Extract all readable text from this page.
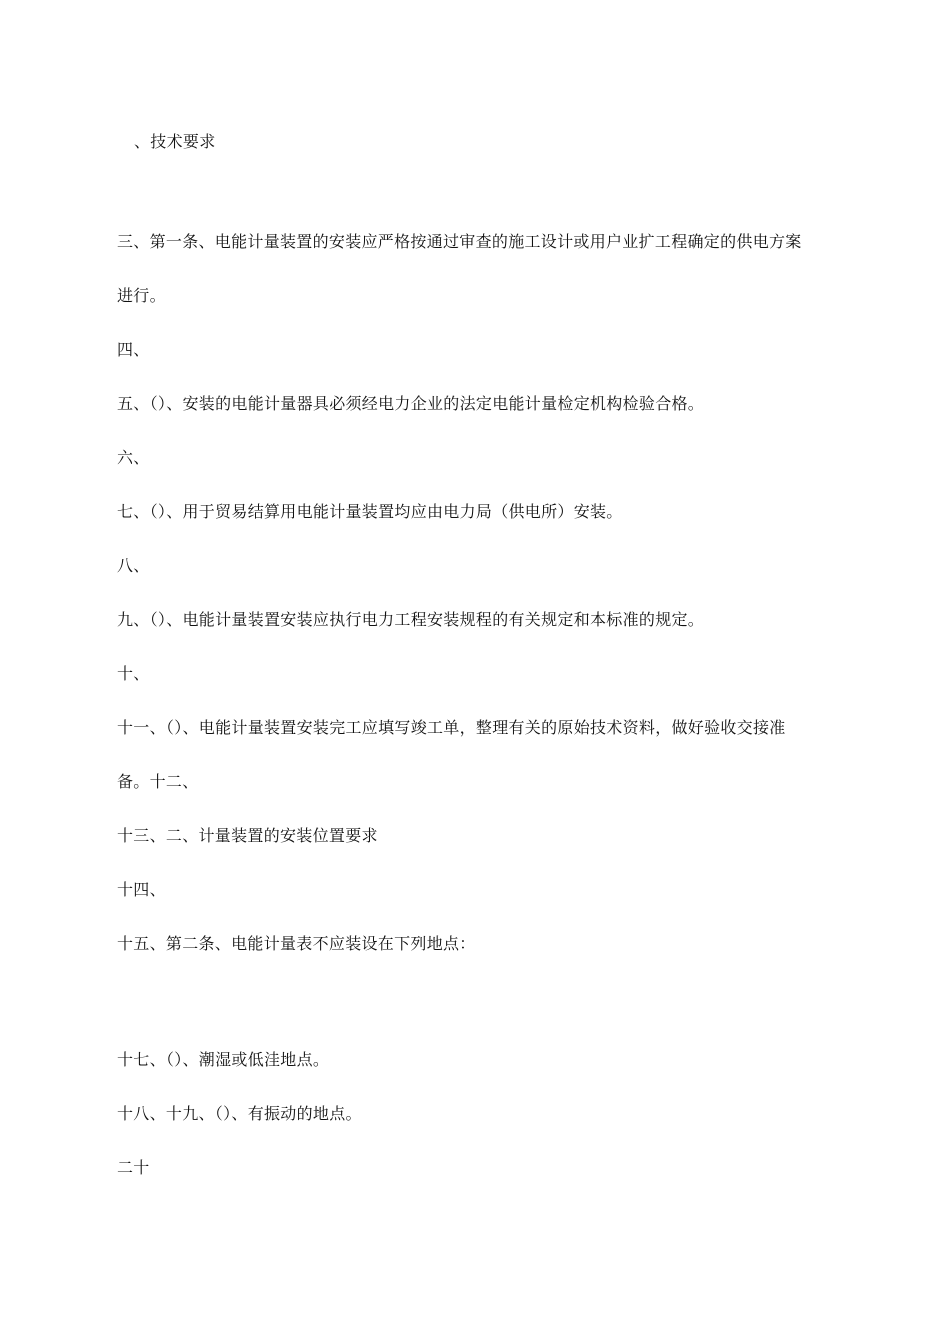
、技术要求
三、第一条、电能计量装置的安装应严格按通过审查的施工设计或用户业扩工程确定的供电方案
进行。
四、
五、（）、安装的电能计量器具必须经电力企业的法定电能计量检定机构检验合格。
六、
七、（）、用于贸易结算用电能计量装置均应由电力局（供电所）安装。
八、
九、（）、电能计量装置安装应执行电力工程安装规程的有关规定和本标准的规定。
十、
十一、（）、电能计量装置安装完工应填写竣工单，整理有关的原始技术资料，做好验收交接准
备。十二、
十三、二、计量装置的安装位置要求
十四、
十五、第二条、电能计量表不应装设在下列地点：
十七、（）、潮湿或低洼地点。
十八、十九、（）、有振动的地点。
二十
